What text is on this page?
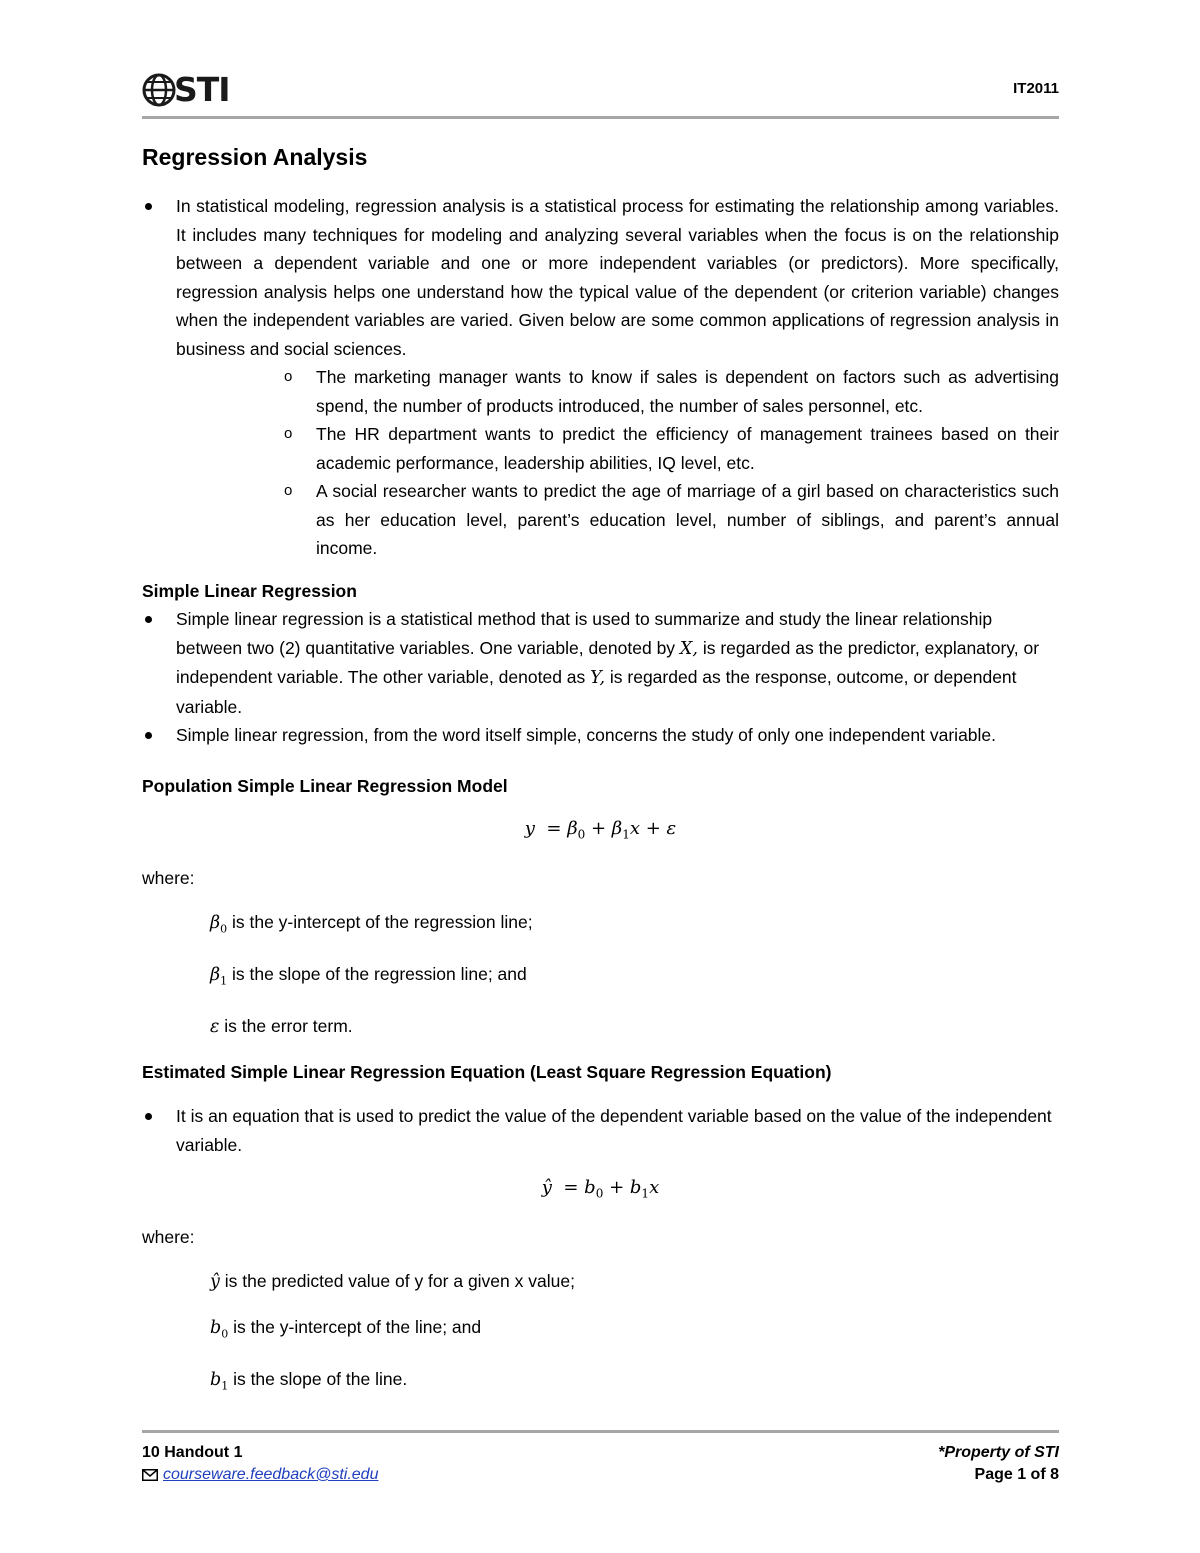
STI	IT2011
Regression Analysis
In statistical modeling, regression analysis is a statistical process for estimating the relationship among variables. It includes many techniques for modeling and analyzing several variables when the focus is on the relationship between a dependent variable and one or more independent variables (or predictors). More specifically, regression analysis helps one understand how the typical value of the dependent (or criterion variable) changes when the independent variables are varied. Given below are some common applications of regression analysis in business and social sciences.
o The marketing manager wants to know if sales is dependent on factors such as advertising spend, the number of products introduced, the number of sales personnel, etc.
o The HR department wants to predict the efficiency of management trainees based on their academic performance, leadership abilities, IQ level, etc.
o A social researcher wants to predict the age of marriage of a girl based on characteristics such as her education level, parent’s education level, number of siblings, and parent’s annual income.
Simple Linear Regression
Simple linear regression is a statistical method that is used to summarize and study the linear relationship between two (2) quantitative variables. One variable, denoted by X, is regarded as the predictor, explanatory, or independent variable. The other variable, denoted as Y, is regarded as the response, outcome, or dependent variable.
Simple linear regression, from the word itself simple, concerns the study of only one independent variable.
Population Simple Linear Regression Model
$y = \beta_0 + \beta_1x + \varepsilon$
where:
$\beta_0$ is the y-intercept of the regression line;
$\beta_1$ is the slope of the regression line; and
ε is the error term.
Estimated Simple Linear Regression Equation (Least Square Regression Equation)
It is an equation that is used to predict the value of the dependent variable based on the value of the independent variable.
ŷ  = $b_0 + b_1x$
where:
ŷ is the predicted value of y for a given x value;
$b_0$ is the y-intercept of the line; and
$b_1$ is the slope of the line.
10 Handout 1
courseware.feedback@sti.edu
*Property of STI
Page 1 of 8
